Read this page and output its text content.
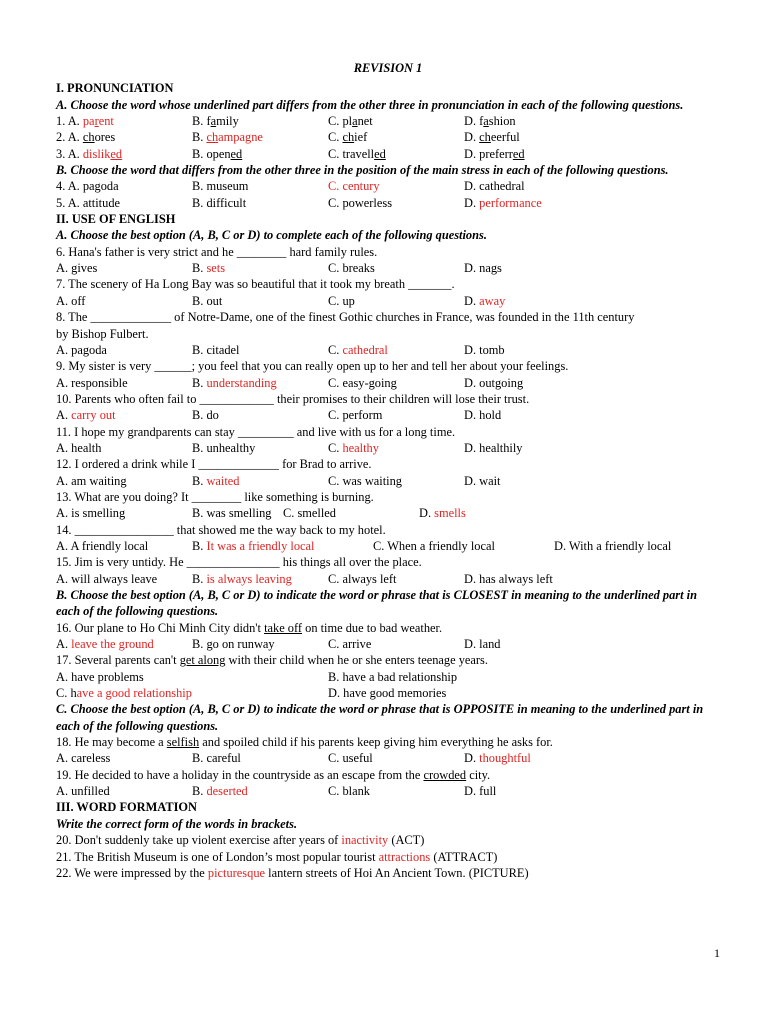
REVISION 1
I. PRONUNCIATION
A. Choose the word whose underlined part differs from the other three in pronunciation in each of the following questions.
1. A. parent	B. family	C. planet	D. fashion
2. A. chores	B. champagne	C. chief	D. cheerful
3. A. disliked	B. opened	C. travelled	D. preferred
B. Choose the word that differs from the other three in the position of the main stress in each of the following questions.
4. A. pagoda	B. museum	C. century	D. cathedral
5. A. attitude	B. difficult	C. powerless	D. performance
II. USE OF ENGLISH
A. Choose the best option (A, B, C or D) to complete each of the following questions.
6. Hana's father is very strict and he ________ hard family rules.
A. gives	B. sets	C. breaks	D. nags
7. The scenery of Ha Long Bay was so beautiful that it took my breath _______.
A. off	B. out	C. up	D. away
8. The _____________ of Notre-Dame, one of the finest Gothic churches in France, was founded in the 11th century
by Bishop Fulbert.
A. pagoda	B. citadel	C. cathedral	D. tomb
9. My sister is very ______; you feel that you can really open up to her and tell her about your feelings.
A. responsible	B. understanding	C. easy-going	D. outgoing
10. Parents who often fail to ____________ their promises to their children will lose their trust.
A. carry out	B. do	C. perform	D. hold
11. I hope my grandparents can stay _________ and live with us for a long time.
A. health	B. unhealthy	C. healthy	D. healthily
12. I ordered a drink while I _____________ for Brad to arrive.
A. am waiting	B. waited	C. was waiting	D. wait
13. What are you doing? It ________ like something is burning.
A. is smelling	B. was smelling C. smelled	D. smells
14. ________________ that showed me the way back to my hotel.
A. A friendly local	B. It was a friendly local	C. When a friendly local	D. With a friendly local
15. Jim is very untidy. He _______________ his things all over the place.
A. will always leave	B. is always leaving	C. always left	D. has always left
B. Choose the best option (A, B, C or D) to indicate the word or phrase that is CLOSEST in meaning to the underlined part in each of the following questions.
16. Our plane to Ho Chi Minh City didn't take off on time due to bad weather.
A. leave the ground	B. go on runway	C. arrive	D. land
17. Several parents can't get along with their child when he or she enters teenage years.
A. have problems	B. have a bad relationship
C. have a good relationship	D. have good memories
C. Choose the best option (A, B, C or D) to indicate the word or phrase that is OPPOSITE in meaning to the underlined part in each of the following questions.
18. He may become a selfish and spoiled child if his parents keep giving him everything he asks for.
A. careless	B. careful	C. useful	D. thoughtful
19. He decided to have a holiday in the countryside as an escape from the crowded city.
A. unfilled	B. deserted	C. blank	D. full
III. WORD FORMATION
Write the correct form of the words in brackets.
20. Don't suddenly take up violent exercise after years of inactivity (ACT)
21. The British Museum is one of London’s most popular tourist attractions (ATTRACT)
22. We were impressed by the picturesque lantern streets of Hoi An Ancient Town. (PICTURE)
1
